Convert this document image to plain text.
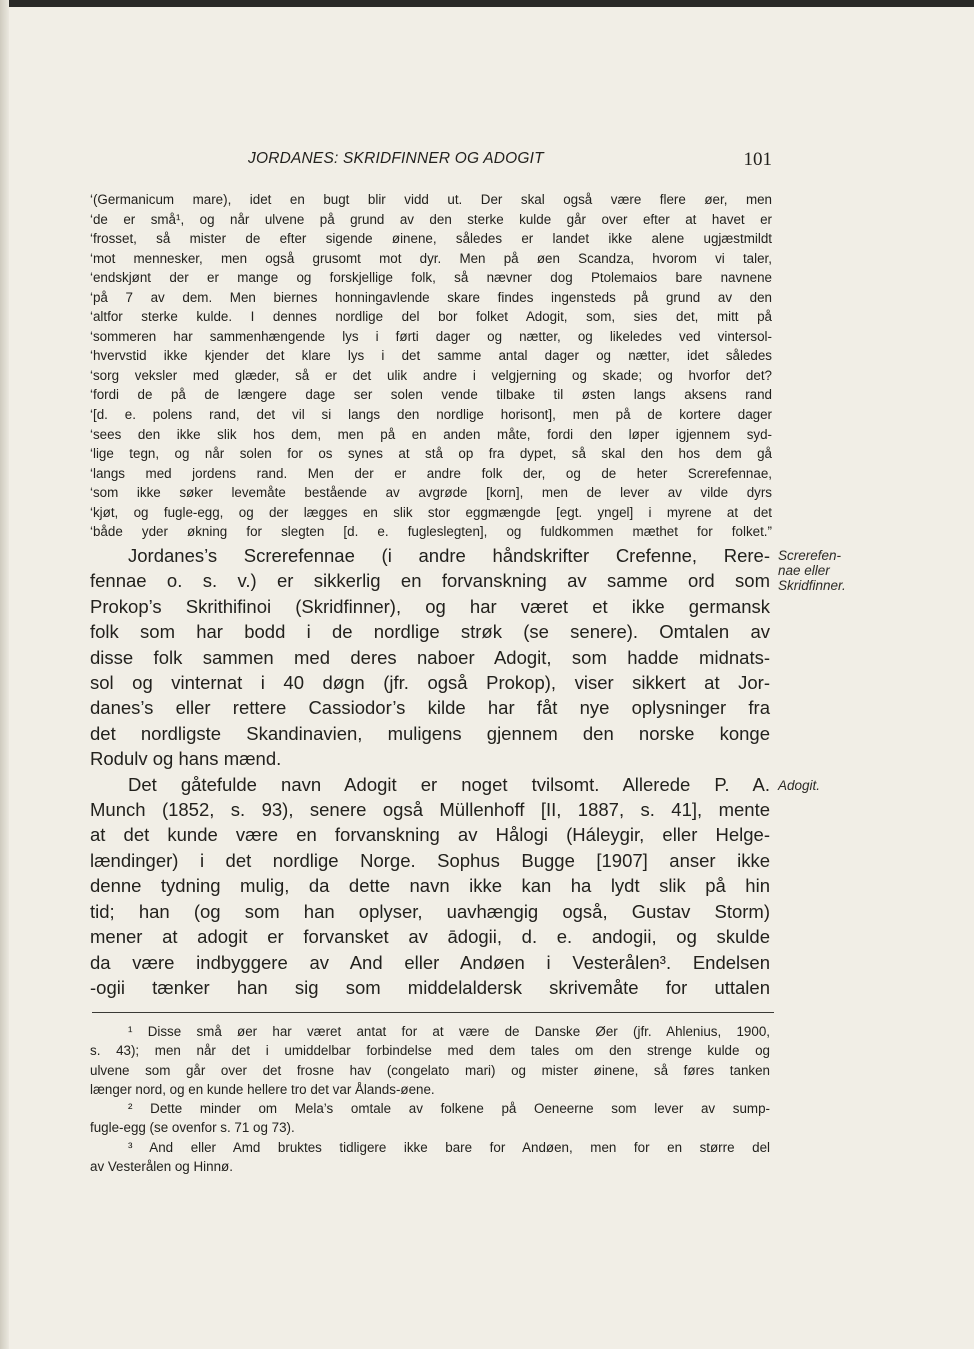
JORDANES: SKRIDFINNER OG ADOGIT	101
‘(Germanicum mare), idet en bugt blir vidd ut. Der skal også være flere øer, men
‘de er små¹, og når ulvene på grund av den sterke kulde går over efter at havet er
‘frosset, så mister de efter sigende øinene, således er landet ikke alene ugjæstmildt
‘mot mennesker, men også grusomt mot dyr. Men på øen Scandza, hvorom vi taler,
‘endskjønt der er mange og forskjellige folk, så nævner dog Ptolemaios bare navnene
‘på 7 av dem. Men biernes honningavlende skare findes ingensteds på grund av den
‘altfor sterke kulde. I dennes nordlige del bor folket Adogit, som, sies det, mitt på
‘sommeren har sammenhængende lys i førti dager og nætter, og likeledes ved vintersol-
‘hvervstid ikke kjender det klare lys i det samme antal dager og nætter, idet således
‘sorg veksler med glæder, så er det ulik andre i velgjerning og skade; og hvorfor det?
‘fordi de på de længere dage ser solen vende tilbake til østen langs aksens rand
‘[d. e. polens rand, det vil si langs den nordlige horisont], men på de kortere dager
‘sees den ikke slik hos dem, men på en anden måte, fordi den løper igjennem syd-
‘lige tegn, og når solen for os synes at stå op fra dypet, så skal den hos dem gå
‘langs med jordens rand. Men der er andre folk der, og de heter Screrefennae,
‘som ikke søker levemåte bestående av avgrøde [korn], men de lever av vilde dyrs
‘kjøt, og fugle-egg, og der lægges en slik stor eggmængde [egt. yngel] i myrene at det
‘både yder økning for slegten [d. e. fugleslegten], og fuldkommen mæthet for folket.”
Jordanes’s Screrefennae (i andre håndskrifter Crefenne, Rere-
fennae o. s. v.) er sikkerlig en forvanskning av samme ord som
Prokop’s Skrithifinoi (Skridfinner), og har været et ikke germansk
folk som har bodd i de nordlige strøk (se senere). Omtalen av
disse folk sammen med deres naboer Adogit, som hadde midnats-
sol og vinternat i 40 døgn (jfr. også Prokop), viser sikkert at Jor-
danes’s eller rettere Cassiodor’s kilde har fåt nye oplysninger fra
det nordligste Skandinavien, muligens gjennem den norske konge
Rodulv og hans mænd.
Det gåtefulde navn Adogit er noget tvilsomt. Allerede P. A.
Munch (1852, s. 93), senere også Müllenhoff [II, 1887, s. 41], mente
at det kunde være en forvanskning av Hålogi (Háleygir, eller Helge-
lændinger) i det nordlige Norge. Sophus Bugge [1907] anser ikke
denne tydning mulig, da dette navn ikke kan ha lydt slik på hin
tid; han (og som han oplyser, uavhængig også, Gustav Storm)
mener at adogit er forvansket av ādogii, d. e. andogii, og skulde
da være indbyggere av And eller Andøen i Vesterålen³. Endelsen
-ogii tænker han sig som middelaldersk skrivemåte for uttalen
Screrefen-
nae eller
Skridfinner.
Adogit.
¹ Disse små øer har været antat for at være de Danske Øer (jfr. Ahlenius, 1900,
s. 43); men når det i umiddelbar forbindelse med dem tales om den strenge kulde og
ulvene som går over det frosne hav (congelato mari) og mister øinene, så føres tanken
længer nord, og en kunde hellere tro det var Ålands-øene.
² Dette minder om Mela’s omtale av folkene på Oeneerne som lever av sump-
fugle-egg (se ovenfor s. 71 og 73).
³ And eller Amd bruktes tidligere ikke bare for Andøen, men for en større del
av Vesterålen og Hinnø.
